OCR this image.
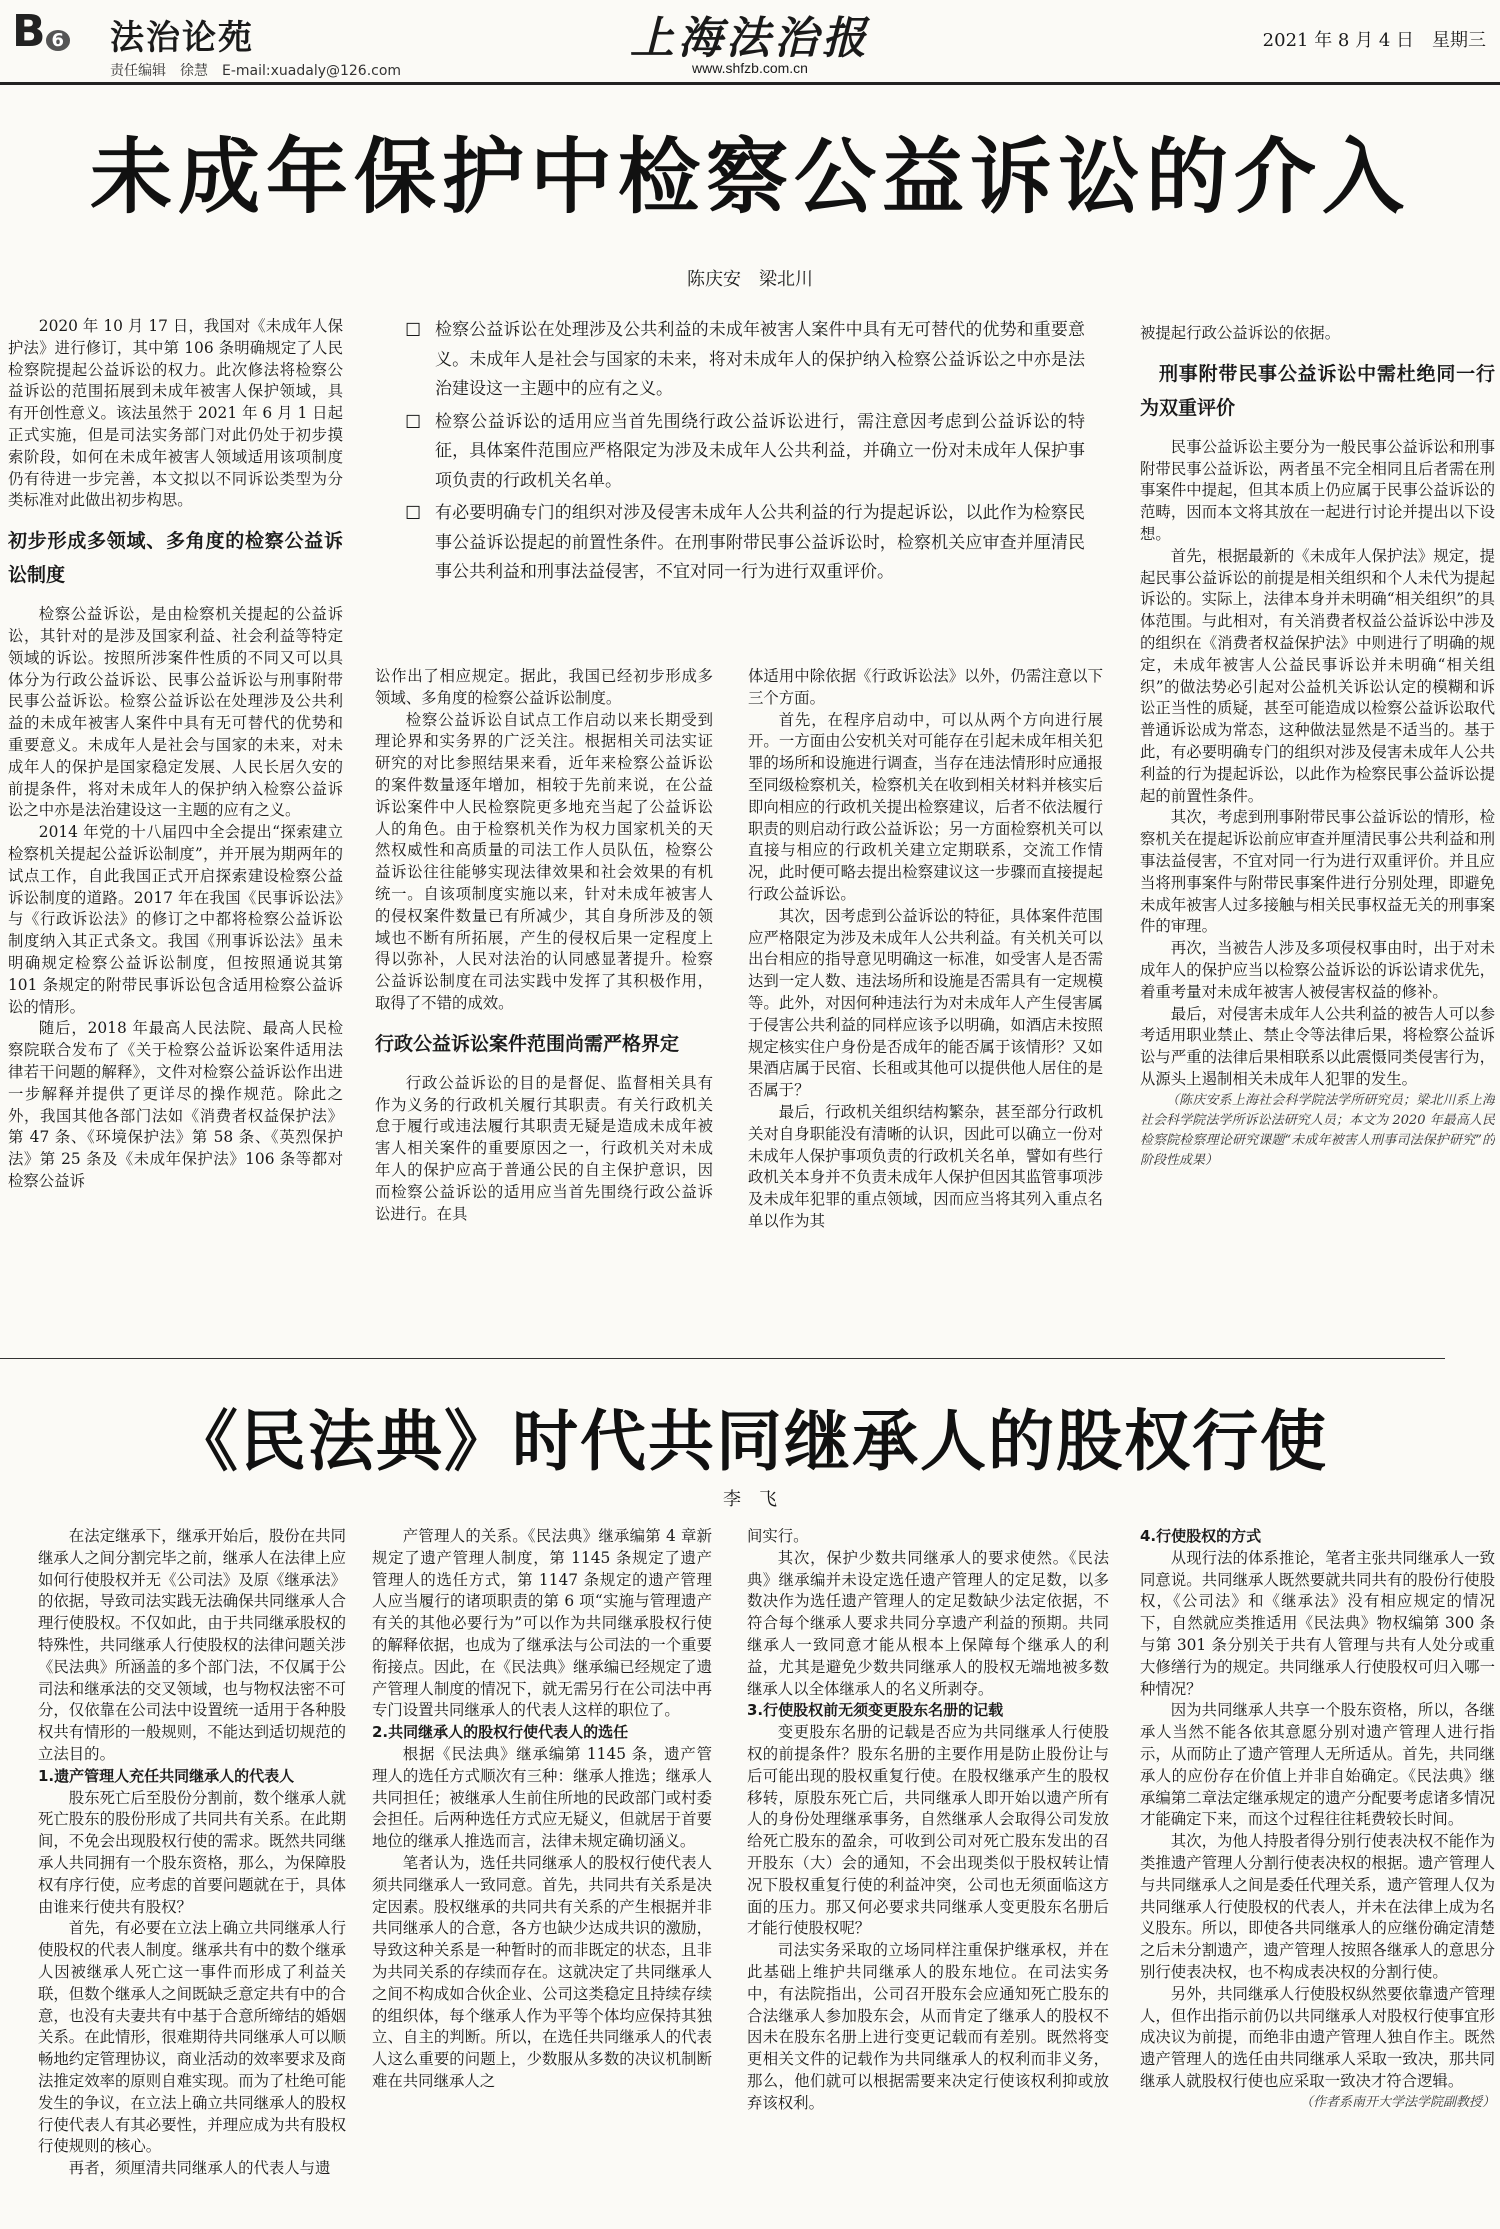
B 6 法治论苑
责任编辑　徐慧　E-mail:xuadaly@126.com
上海法治报
www.shfzb.com.cn
2021 年 8 月 4 日　星期三
未成年保护中检察公益诉讼的介入
陈庆安　梁北川

2020 年 10 月 17 日，我国对《未成年人保护法》进行修订，其中第 106 条明确规定了人民检察院提起公益诉讼的权力。此次修法将检察公益诉讼的范围拓展到未成年被害人保护领域，具有开创性意义。该法虽然于 2021 年 6 月 1 日起正式实施，但是司法实务部门对此仍处于初步摸索阶段，如何在未成年被害人领域适用该项制度仍有待进一步完善，本文拟以不同诉讼类型为分类标准对此做出初步构思。

初步形成多领域、多角度的检察公益诉讼制度

检察公益诉讼，是由检察机关提起的公益诉讼，其针对的是涉及国家利益、社会利益等特定领域的诉讼。按照所涉案件性质的不同又可以具体分为行政公益诉讼、民事公益诉讼与刑事附带民事公益诉讼。检察公益诉讼在处理涉及公共利益的未成年被害人案件中具有无可替代的优势和重要意义。未成年人是社会与国家的未来，对未成年人的保护是国家稳定发展、人民长居久安的前提条件，将对未成年人的保护纳入检察公益诉讼之中亦是法治建设这一主题的应有之义。

2014 年党的十八届四中全会提出“探索建立检察机关提起公益诉讼制度”，并开展为期两年的试点工作，自此我国正式开启探索建设检察公益诉讼制度的道路。2017 年在我国《民事诉讼法》与《行政诉讼法》的修订之中都将检察公益诉讼制度纳入其正式条文。我国《刑事诉讼法》虽未明确规定检察公益诉讼制度，但按照通说其第 101 条规定的附带民事诉讼包含适用检察公益诉讼的情形。

随后，2018 年最高人民法院、最高人民检察院联合发布了《关于检察公益诉讼案件适用法律若干问题的解释》，文件对检察公益诉讼作出进一步解释并提供了更详尽的操作规范。除此之外，我国其他各部门法如《消费者权益保护法》第 47 条、《环境保护法》第 58 条、《英烈保护法》第 25 条及《未成年保护法》106 条等都对检察公益诉

☐ 检察公益诉讼在处理涉及公共利益的未成年被害人案件中具有无可替代的优势和重要意义。未成年人是社会与国家的未来，将对未成年人的保护纳入检察公益诉讼之中亦是法治建设这一主题中的应有之义。
☐ 检察公益诉讼的适用应当首先围绕行政公益诉讼进行，需注意因考虑到公益诉讼的特征，具体案件范围应严格限定为涉及未成年人公共利益，并确立一份对未成年人保护事项负责的行政机关名单。
☐ 有必要明确专门的组织对涉及侵害未成年人公共利益的行为提起诉讼，以此作为检察民事公益诉讼提起的前置性条件。在刑事附带民事公益诉讼时，检察机关应审查并厘清民事公共利益和刑事法益侵害，不宜对同一行为进行双重评价。

讼作出了相应规定。据此，我国已经初步形成多领域、多角度的检察公益诉讼制度。

检察公益诉讼自试点工作启动以来长期受到理论界和实务界的广泛关注。根据相关司法实证研究的对比参照结果来看，近年来检察公益诉讼的案件数量逐年增加，相较于先前来说，在公益诉讼案件中人民检察院更多地充当起了公益诉讼人的角色。由于检察机关作为权力国家机关的天然权威性和高质量的司法工作人员队伍，检察公益诉讼往往能够实现法律效果和社会效果的有机统一。自该项制度实施以来，针对未成年被害人的侵权案件数量已有所减少，其自身所涉及的领域也不断有所拓展，产生的侵权后果一定程度上得以弥补，人民对法治的认同感显著提升。检察公益诉讼制度在司法实践中发挥了其积极作用，取得了不错的成效。

行政公益诉讼案件范围尚需严格界定

行政公益诉讼的目的是督促、监督相关具有作为义务的行政机关履行其职责。有关行政机关怠于履行或违法履行其职责无疑是造成未成年被害人相关案件的重要原因之一，行政机关对未成年人的保护应高于普通公民的自主保护意识，因而检察公益诉讼的适用应当首先围绕行政公益诉讼进行。在具

体适用中除依据《行政诉讼法》以外，仍需注意以下三个方面。

首先，在程序启动中，可以从两个方向进行展开。一方面由公安机关对可能存在引起未成年相关犯罪的场所和设施进行调查，当存在违法情形时应通报至同级检察机关，检察机关在收到相关材料并核实后即向相应的行政机关提出检察建议，后者不依法履行职责的则启动行政公益诉讼；另一方面检察机关可以直接与相应的行政机关建立定期联系，交流工作情况，此时便可略去提出检察建议这一步骤而直接提起行政公益诉讼。

其次，因考虑到公益诉讼的特征，具体案件范围应严格限定为涉及未成年人公共利益。有关机关可以出台相应的指导意见明确这一标准，如受害人是否需达到一定人数、违法场所和设施是否需具有一定规模等。此外，对因何种违法行为对未成年人产生侵害属于侵害公共利益的同样应该予以明确，如酒店未按照规定核实住户身份是否成年的能否属于该情形？又如果酒店属于民宿、长租或其他可以提供他人居住的是否属于？

最后，行政机关组织结构繁杂，甚至部分行政机关对自身职能没有清晰的认识，因此可以确立一份对未成年人保护事项负责的行政机关名单，譬如有些行政机关本身并不负责未成年人保护但因其监管事项涉及未成年犯罪的重点领域，因而应当将其列入重点名单以作为其

被提起行政公益诉讼的依据。

刑事附带民事公益诉讼中需杜绝同一行为双重评价

民事公益诉讼主要分为一般民事公益诉讼和刑事附带民事公益诉讼，两者虽不完全相同且后者需在刑事案件中提起，但其本质上仍应属于民事公益诉讼的范畴，因而本文将其放在一起进行讨论并提出以下设想。

首先，根据最新的《未成年人保护法》规定，提起民事公益诉讼的前提是相关组织和个人未代为提起诉讼的。实际上，法律本身并未明确“相关组织”的具体范围。与此相对，有关消费者权益公益诉讼中涉及的组织在《消费者权益保护法》中则进行了明确的规定，未成年被害人公益民事诉讼并未明确“相关组织”的做法势必引起对公益机关诉讼认定的模糊和诉讼正当性的质疑，甚至可能造成以检察公益诉讼取代普通诉讼成为常态，这种做法显然是不适当的。基于此，有必要明确专门的组织对涉及侵害未成年人公共利益的行为提起诉讼，以此作为检察民事公益诉讼提起的前置性条件。

其次，考虑到刑事附带民事公益诉讼的情形，检察机关在提起诉讼前应审查并厘清民事公共利益和刑事法益侵害，不宜对同一行为进行双重评价。并且应当将刑事案件与附带民事案件进行分别处理，即避免未成年被害人过多接触与相关民事权益无关的刑事案件的审理。

再次，当被告人涉及多项侵权事由时，出于对未成年人的保护应当以检察公益诉讼的诉讼请求优先，着重考量对未成年被害人被侵害权益的修补。

最后，对侵害未成年人公共利益的被告人可以参考适用职业禁止、禁止令等法律后果，将检察公益诉讼与严重的法律后果相联系以此震慑同类侵害行为，从源头上遏制相关未成年人犯罪的发生。

（陈庆安系上海社会科学院法学所研究员；梁北川系上海社会科学院法学所诉讼法研究人员；本文为 2020 年最高人民检察院检察理论研究课题“未成年被害人刑事司法保护研究”的阶段性成果）

《民法典》时代共同继承人的股权行使
李　飞

在法定继承下，继承开始后，股份在共同继承人之间分割完毕之前，继承人在法律上应如何行使股权并无《公司法》及原《继承法》的依据，导致司法实践无法确保共同继承人合理行使股权。不仅如此，由于共同继承股权的特殊性，共同继承人行使股权的法律问题关涉《民法典》所涵盖的多个部门法，不仅属于公司法和继承法的交叉领域，也与物权法密不可分，仅依靠在公司法中设置统一适用于各种股权共有情形的一般规则，不能达到适切规范的立法目的。

1.遗产管理人充任共同继承人的代表人

股东死亡后至股份分割前，数个继承人就死亡股东的股份形成了共同共有关系。在此期间，不免会出现股权行使的需求。既然共同继承人共同拥有一个股东资格，那么，为保障股权有序行使，应考虑的首要问题就在于，具体由谁来行使共有股权？

首先，有必要在立法上确立共同继承人行使股权的代表人制度。继承共有中的数个继承人因被继承人死亡这一事件而形成了利益关联，但数个继承人之间既缺乏意定共有中的合意，也没有夫妻共有中基于合意所缔结的婚姻关系。在此情形，很难期待共同继承人可以顺畅地约定管理协议，商业活动的效率要求及商法推定效率的原则自难实现。而为了杜绝可能发生的争议，在立法上确立共同继承人的股权行使代表人有其必要性，并理应成为共有股权行使规则的核心。

再者，须厘清共同继承人的代表人与遗

产管理人的关系。《民法典》继承编第 4 章新规定了遗产管理人制度，第 1145 条规定了遗产管理人的选任方式，第 1147 条规定的遗产管理人应当履行的诸项职责的第 6 项“实施与管理遗产有关的其他必要行为”可以作为共同继承股权行使的解释依据，也成为了继承法与公司法的一个重要衔接点。因此，在《民法典》继承编已经规定了遗产管理人制度的情况下，就无需另行在公司法中再专门设置共同继承人的代表人这样的职位了。

2.共同继承人的股权行使代表人的选任

根据《民法典》继承编第 1145 条，遗产管理人的选任方式顺次有三种：继承人推选；继承人共同担任；被继承人生前住所地的民政部门或村委会担任。后两种选任方式应无疑义，但就居于首要地位的继承人推选而言，法律未规定确切涵义。

笔者认为，选任共同继承人的股权行使代表人须共同继承人一致同意。首先，共同共有关系是决定因素。股权继承的共同共有关系的产生根据并非共同继承人的合意，各方也缺少达成共识的激励，导致这种关系是一种暂时的而非既定的状态，且非为共同关系的存续而存在。这就决定了共同继承人之间不构成如合伙企业、公司这类稳定且持续存续的组织体，每个继承人作为平等个体均应保持其独立、自主的判断。所以，在选任共同继承人的代表人这么重要的问题上，少数服从多数的决议机制断难在共同继承人之

间实行。

其次，保护少数共同继承人的要求使然。《民法典》继承编并未设定选任遗产管理人的定足数，以多数决作为选任遗产管理人的定足数缺少法定依据，不符合每个继承人要求共同分享遗产利益的预期。共同继承人一致同意才能从根本上保障每个继承人的利益，尤其是避免少数共同继承人的股权无端地被多数继承人以全体继承人的名义所剥夺。

3.行使股权前无须变更股东名册的记载

变更股东名册的记载是否应为共同继承人行使股权的前提条件？股东名册的主要作用是防止股份让与后可能出现的股权重复行使。在股权继承产生的股权移转，原股东死亡后，共同继承人即开始以遗产所有人的身份处理继承事务，自然继承人会取得公司发放给死亡股东的盈余，可收到公司对死亡股东发出的召开股东（大）会的通知，不会出现类似于股权转让情况下股权重复行使的利益冲突，公司也无须面临这方面的压力。那又何必要求共同继承人变更股东名册后才能行使股权呢？

司法实务采取的立场同样注重保护继承权，并在此基础上维护共同继承人的股东地位。在司法实务中，有法院指出，公司召开股东会应通知死亡股东的合法继承人参加股东会，从而肯定了继承人的股权不因未在股东名册上进行变更记载而有差别。既然将变更相关文件的记载作为共同继承人的权利而非义务，那么，他们就可以根据需要来决定行使该权利抑或放弃该权利。

4.行使股权的方式

从现行法的体系推论，笔者主张共同继承人一致同意说。共同继承人既然要就共同共有的股份行使股权，《公司法》和《继承法》没有相应规定的情况下，自然就应类推适用《民法典》物权编第 300 条与第 301 条分别关于共有人管理与共有人处分或重大修缮行为的规定。共同继承人行使股权可归入哪一种情况？

因为共同继承人共享一个股东资格，所以，各继承人当然不能各依其意愿分别对遗产管理人进行指示，从而防止了遗产管理人无所适从。首先，共同继承人的应份存在价值上并非自始确定。《民法典》继承编第二章法定继承规定的遗产分配要考虑诸多情况才能确定下来，而这个过程往往耗费较长时间。

其次，为他人持股者得分别行使表决权不能作为类推遗产管理人分割行使表决权的根据。遗产管理人与共同继承人之间是委任代理关系，遗产管理人仅为共同继承人行使股权的代表人，并未在法律上成为名义股东。所以，即使各共同继承人的应继份确定清楚之后未分割遗产，遗产管理人按照各继承人的意思分别行使表决权，也不构成表决权的分割行使。

另外，共同继承人行使股权纵然要依靠遗产管理人，但作出指示前仍以共同继承人对股权行使事宜形成决议为前提，而绝非由遗产管理人独自作主。既然遗产管理人的选任由共同继承人采取一致决，那共同继承人就股权行使也应采取一致决才符合逻辑。

（作者系南开大学法学院副教授）
